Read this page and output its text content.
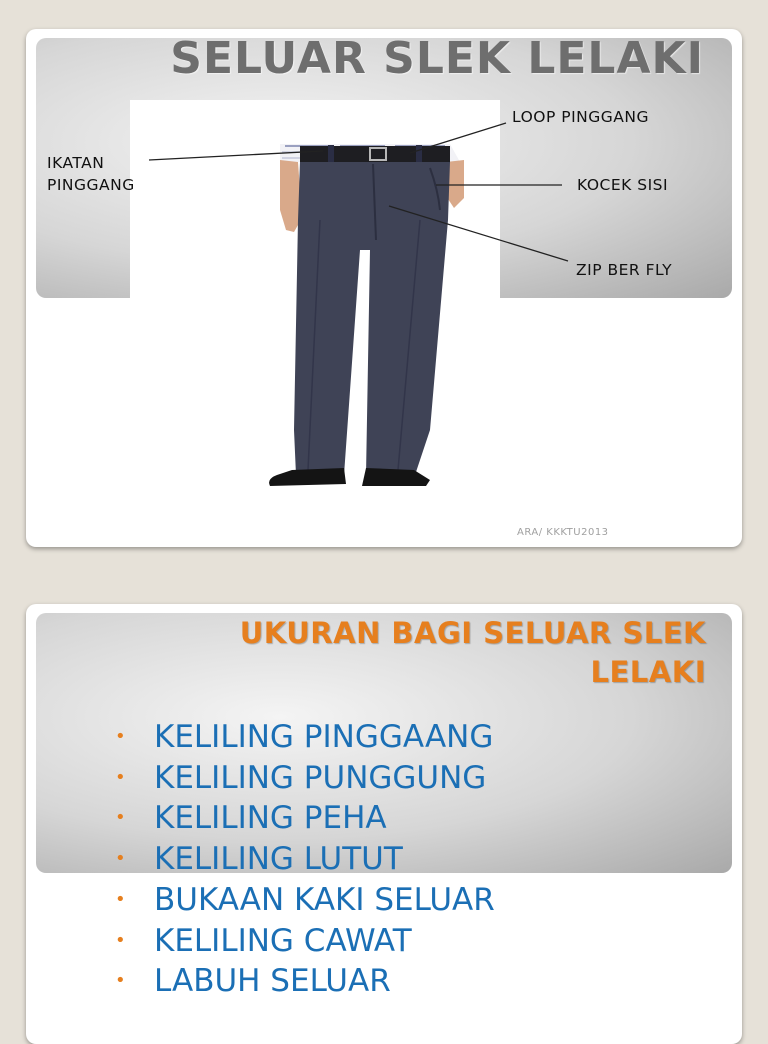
SELUAR SLEK LELAKI
LOOP PINGGANG
IKATAN
PINGGANG	KOCEK SISI
ZIP BER FLY
ARA/ KKKTU2013
UKURAN BAGI SELUAR SLEK
LELAKI
• KELILING PINGGAANG
• KELILING PUNGGUNG
• KELILING PEHA
• KELILING LUTUT
• BUKAAN KAKI SELUAR
• KELILING CAWAT
• LABUH SELUAR
